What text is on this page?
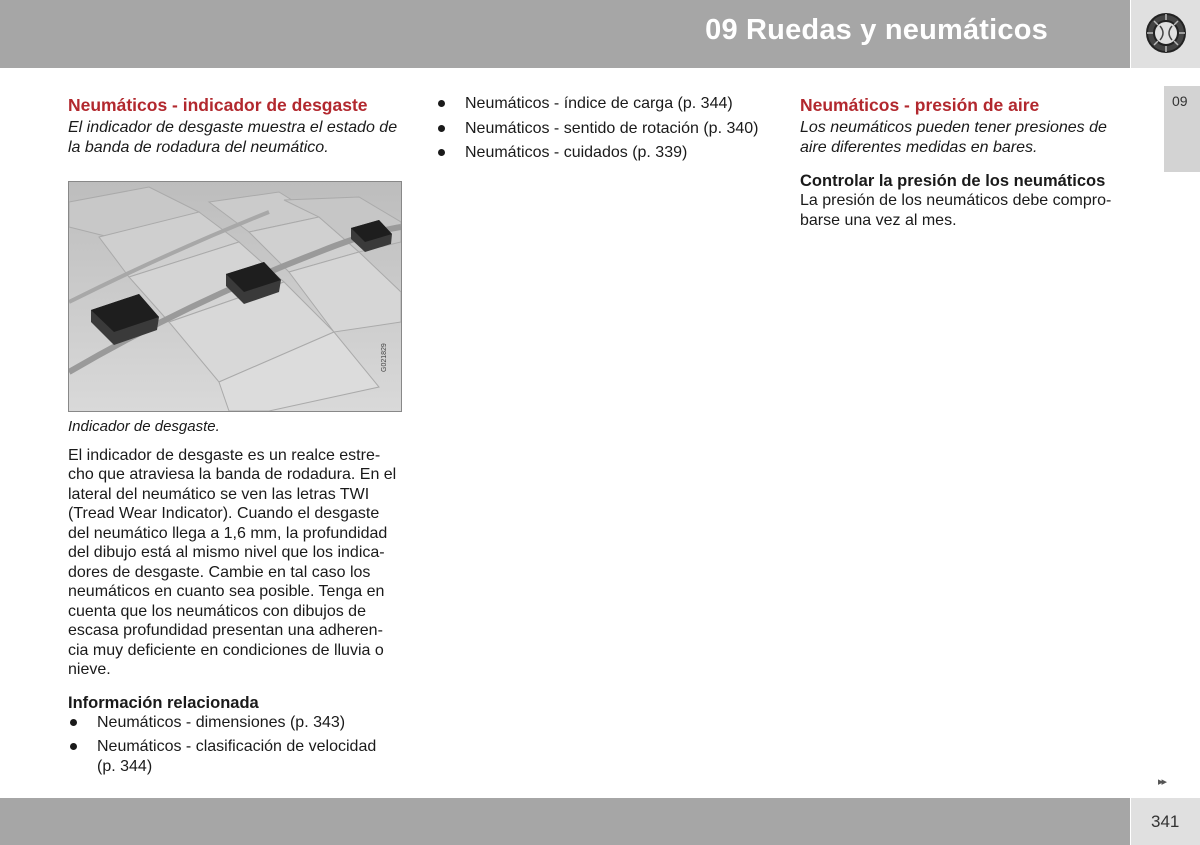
09 Ruedas y neumáticos
09
Neumáticos - indicador de desgaste

El indicador de desgaste muestra el estado de la banda de rodadura del neumático.

G021829

Indicador de desgaste.

El indicador de desgaste es un realce estre- cho que atraviesa la banda de rodadura. En el lateral del neumático se ven las letras TWI (Tread Wear Indicator). Cuando el desgaste del neumático llega a 1,6 mm, la profundidad del dibujo está al mismo nivel que los indica- dores de desgaste. Cambie en tal caso los neumáticos en cuanto sea posible. Tenga en cuenta que los neumáticos con dibujos de escasa profundidad presentan una adheren- cia muy deficiente en condiciones de lluvia o nieve.

Información relacionada
Neumáticos - dimensiones (p. 343)
Neumáticos - clasificación de velocidad (p. 344)
Neumáticos - índice de carga (p. 344)
Neumáticos - sentido de rotación (p. 340)
Neumáticos - cuidados (p. 339)
Neumáticos - presión de aire

Los neumáticos pueden tener presiones de aire diferentes medidas en bares.

Controlar la presión de los neumáticos

La presión de los neumáticos debe compro- barse una vez al mes.

▸▸
341
